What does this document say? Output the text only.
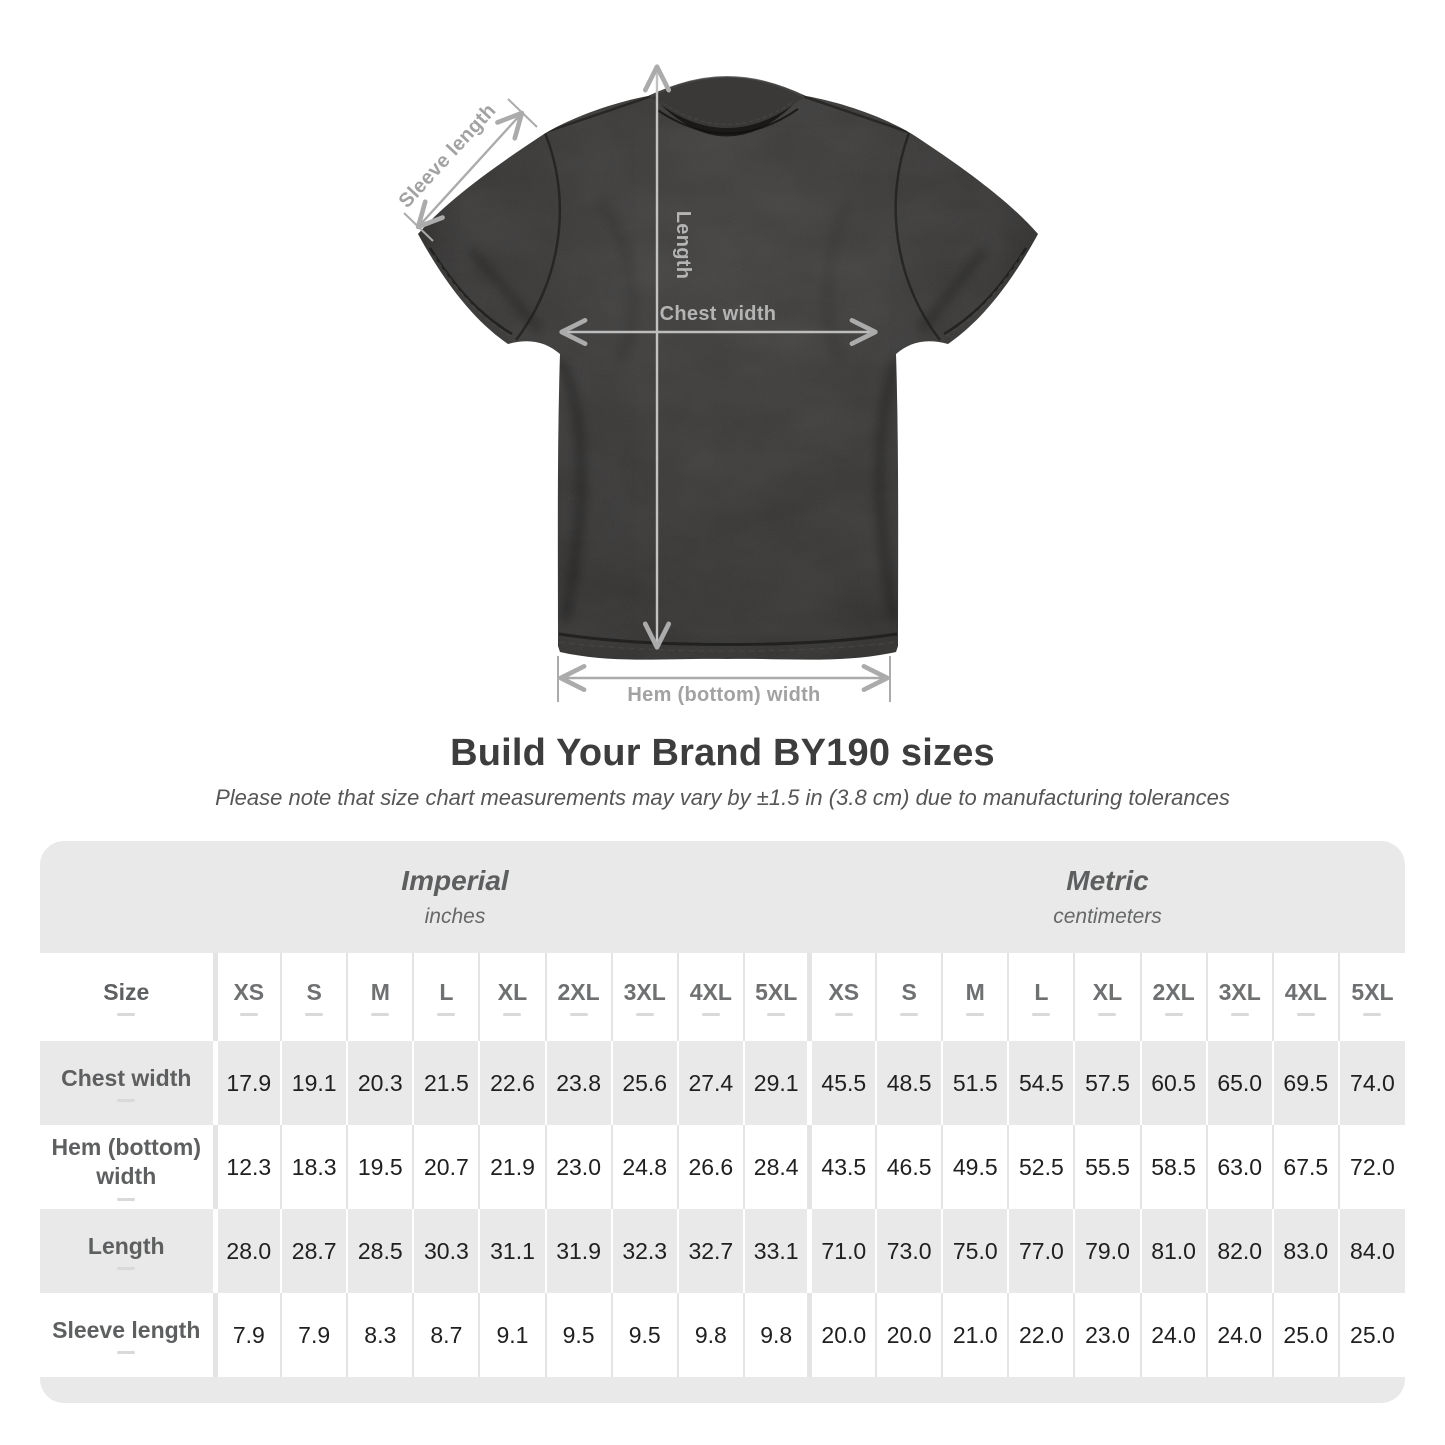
Sleeve length
Length
Chest width
Hem (bottom) width
Build Your Brand BY190 sizes

Please note that size chart measurements may vary by ±1.5 in (3.8 cm) due to manufacturing tolerances

Imperial
inches
Metric
centimeters
Size	XS	S	M	L	XL	2XL	3XL	4XL	5XL	XS	S	M	L	XL	2XL	3XL	4XL	5XL
Chest width	17.9	19.1	20.3	21.5	22.6	23.8	25.6	27.4	29.1	45.5	48.5	51.5	54.5	57.5	60.5	65.0	69.5	74.0
Hem (bottom) width	12.3	18.3	19.5	20.7	21.9	23.0	24.8	26.6	28.4	43.5	46.5	49.5	52.5	55.5	58.5	63.0	67.5	72.0
Length	28.0	28.7	28.5	30.3	31.1	31.9	32.3	32.7	33.1	71.0	73.0	75.0	77.0	79.0	81.0	82.0	83.0	84.0
Sleeve length	7.9	7.9	8.3	8.7	9.1	9.5	9.5	9.8	9.8	20.0	20.0	21.0	22.0	23.0	24.0	24.0	25.0	25.0
